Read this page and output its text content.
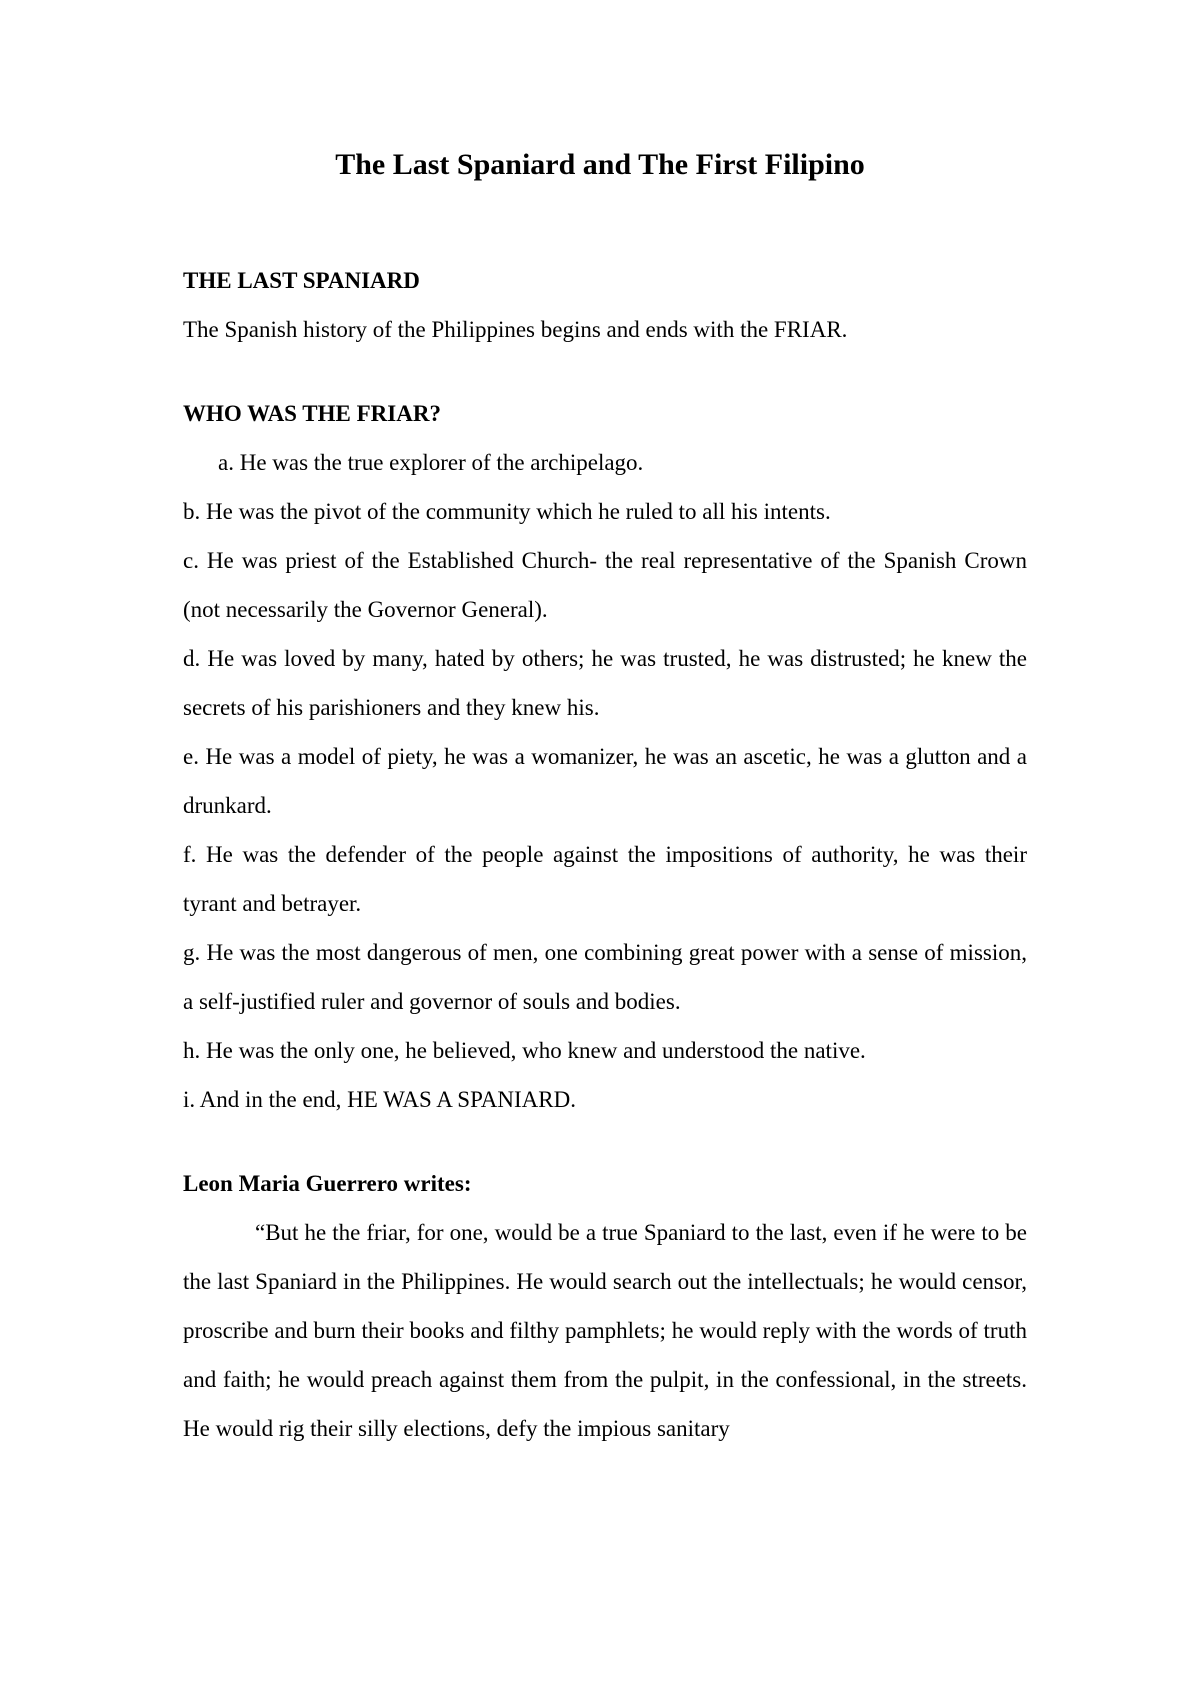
The Last Spaniard and The First Filipino

THE LAST SPANIARD

The Spanish history of the Philippines begins and ends with the FRIAR.

WHO WAS THE FRIAR?

a. He was the true explorer of the archipelago.

b. He was the pivot of the community which he ruled to all his intents.

c. He was priest of the Established Church- the real representative of the Spanish Crown (not necessarily the Governor General).

d. He was loved by many, hated by others; he was trusted, he was distrusted; he knew the secrets of his parishioners and they knew his.

e. He was a model of piety, he was a womanizer, he was an ascetic, he was a glutton and a drunkard.

f. He was the defender of the people against the impositions of authority, he was their tyrant and betrayer.

g. He was the most dangerous of men, one combining great power with a sense of mission, a self-justified ruler and governor of souls and bodies.

h. He was the only one, he believed, who knew and understood the native.

i. And in the end, HE WAS A SPANIARD.

Leon Maria Guerrero writes:

“But he the friar, for one, would be a true Spaniard to the last, even if he were to be the last Spaniard in the Philippines. He would search out the intellectuals; he would censor, proscribe and burn their books and filthy pamphlets; he would reply with the words of truth and faith; he would preach against them from the pulpit, in the confessional, in the streets. He would rig their silly elections, defy the impious sanitary
